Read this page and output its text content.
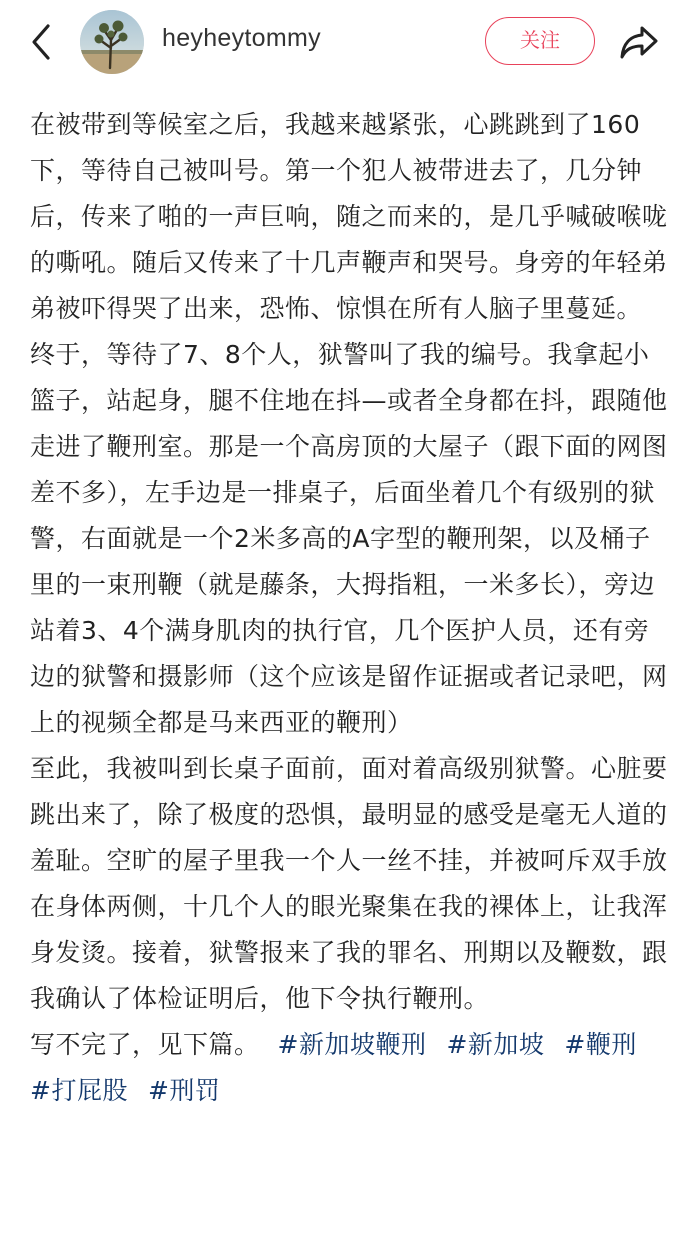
heyheytommy	关注

在被带到等候室之后，我越来越紧张，心跳跳到了160下，等待自己被叫号。第一个犯人被带进去了，几分钟后，传来了啪的一声巨响，随之而来的，是几乎喊破喉咙的嘶吼。随后又传来了十几声鞭声和哭号。身旁的年轻弟弟被吓得哭了出来，恐怖、惊惧在所有人脑子里蔓延。

终于，等待了7、8个人，狱警叫了我的编号。我拿起小篮子，站起身，腿不住地在抖—或者全身都在抖，跟随他走进了鞭刑室。那是一个高房顶的大屋子（跟下面的网图差不多），左手边是一排桌子，后面坐着几个有级别的狱警，右面就是一个2米多高的A字型的鞭刑架，以及桶子里的一束刑鞭（就是藤条，大拇指粗，一米多长），旁边站着3、4个满身肌肉的执行官，几个医护人员，还有旁边的狱警和摄影师（这个应该是留作证据或者记录吧，网上的视频全都是马来西亚的鞭刑）

至此，我被叫到长桌子面前，面对着高级别狱警。心脏要跳出来了，除了极度的恐惧，最明显的感受是毫无人道的羞耻。空旷的屋子里我一个人一丝不挂，并被呵斥双手放在身体两侧，十几个人的眼光聚集在我的裸体上，让我浑身发烫。接着，狱警报来了我的罪名、刑期以及鞭数，跟我确认了体检证明后，他下令执行鞭刑。

写不完了，见下篇。 #新加坡鞭刑 #新加坡 #鞭刑#打屁股 #刑罚
